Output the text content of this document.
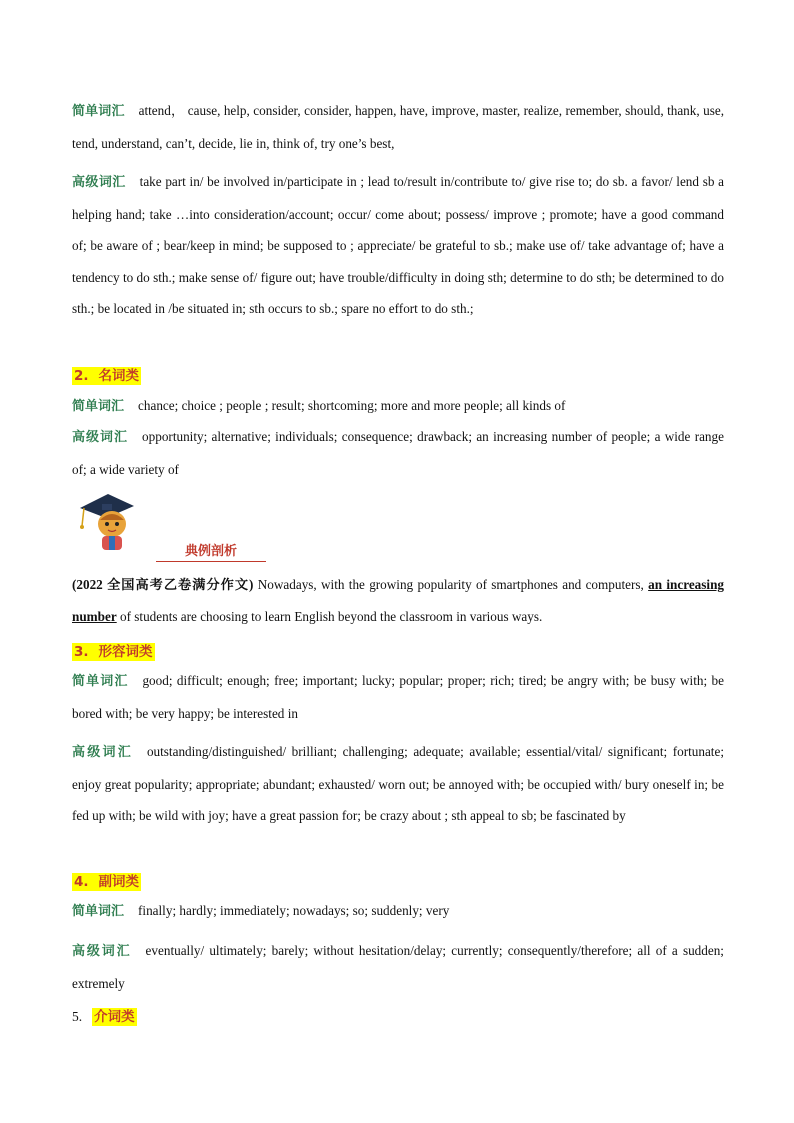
简单词汇 attend， cause, help, consider, consider, happen, have, improve, master, realize, remember, should, thank, use, tend, understand, can’t, decide, lie in, think of, try one’s best,
高级词汇 take part in/ be involved in/participate in ; lead to/result in/contribute to/ give rise to; do sb. a favor/ lend sb a helping hand; take …into consideration/account; occur/ come about; possess/ improve ; promote; have a good command of; be aware of ; bear/keep in mind; be supposed to ; appreciate/ be grateful to sb.; make use of/ take advantage of; have a tendency to do sth.; make sense of/ figure out; have trouble/difficulty in doing sth; determine to do sth; be determined to do sth.; be located in /be situated in; sth occurs to sb.; spare no effort to do sth.;
2. 名词类
简单词汇 chance; choice ; people ; result; shortcoming; more and more people; all kinds of
高级词汇 opportunity; alternative; individuals; consequence; drawback; an increasing number of people; a wide range of; a wide variety of
典例剖析
(2022 全国高考乙卷满分作文) Nowadays, with the growing popularity of smartphones and computers, an increasing number of students are choosing to learn English beyond the classroom in various ways.
3. 形容词类
简单词汇 good; difficult; enough; free; important; lucky; popular; proper; rich; tired; be angry with; be busy with; be bored with; be very happy; be interested in
高级词汇 outstanding/distinguished/ brilliant; challenging; adequate; available; essential/vital/ significant; fortunate; enjoy great popularity; appropriate; abundant; exhausted/ worn out; be annoyed with; be occupied with/ bury oneself in; be fed up with; be wild with joy; have a great passion for; be crazy about ; sth appeal to sb; be fascinated by
4. 副词类
简单词汇 finally; hardly; immediately; nowadays; so; suddenly; very
高级词汇 eventually/ ultimately; barely; without hesitation/delay; currently; consequently/therefore; all of a sudden; extremely
5. 介词类
